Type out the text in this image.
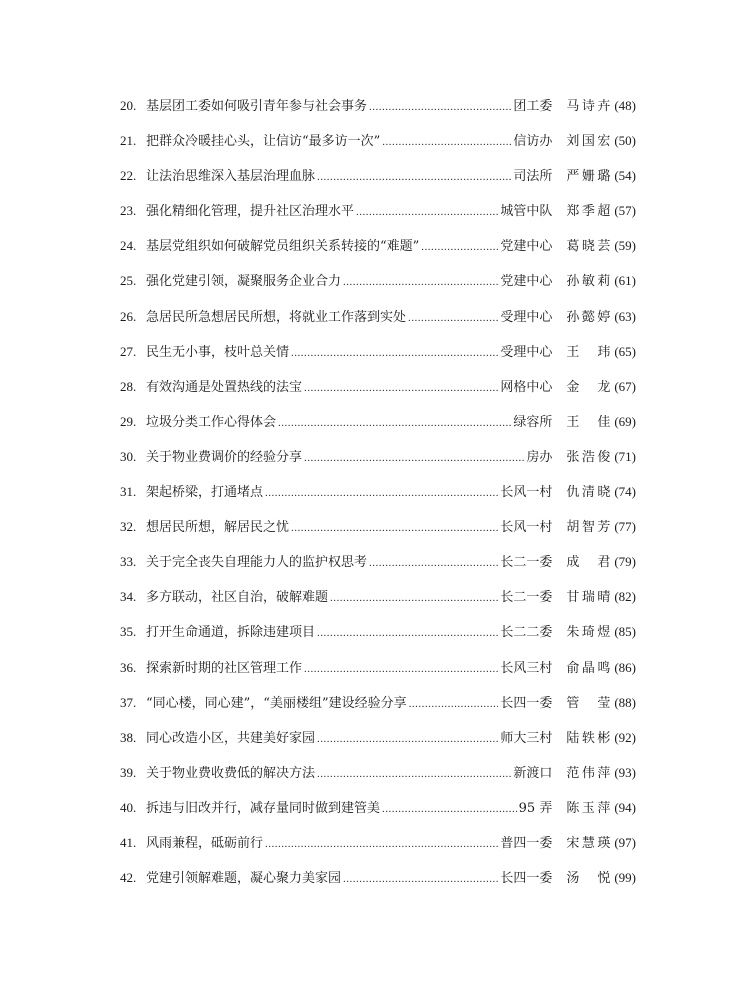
20. 基层团工委如何吸引青年参与社会事务 .....	团工委 马诗卉 (48)
21. 把群众冷暖挂心头，让信访“最多访一次” .....	信访办 刘国宏 (50)
22. 让法治思维深入基层治理血脉 .....	司法所 严姗璐 (54)
23. 强化精细化管理，提升社区治理水平 .....	城管中队 郑季超 (57)
24. 基层党组织如何破解党员组织关系转接的“难题” .....	党建中心 葛晓芸 (59)
25. 强化党建引领，凝聚服务企业合力 .....	党建中心 孙敏莉 (61)
26. 急居民所急想居民所想，将就业工作落到实处 .....	受理中心 孙懿婷 (63)
27. 民生无小事，枝叶总关情 .....	受理中心 王 玮 (65)
28. 有效沟通是处置热线的法宝 .....	网格中心 金 龙 (67)
29. 垃圾分类工作心得体会 .....	绿容所 王 佳 (69)
30. 关于物业费调价的经验分享 .....	房办 张浩俊 (71)
31. 架起桥梁，打通堵点 .....	长风一村 仇清晓 (74)
32. 想居民所想，解居民之忧 .....	长风一村 胡智芳 (77)
33. 关于完全丧失自理能力人的监护权思考 .....	长二一委 成 君 (79)
34. 多方联动，社区自治，破解难题 .....	长二一委 甘瑞晴 (82)
35. 打开生命通道，拆除违建项目 .....	长二二委 朱琦煜 (85)
36. 探索新时期的社区管理工作 .....	长风三村 俞晶鸣 (86)
37. “同心楼，同心建”，“美丽楼组”建设经验分享 .....	长四一委 管 莹 (88)
38. 同心改造小区，共建美好家园 .....	师大三村 陆轶彬 (92)
39. 关于物业费收费低的解决方法 .....	新渡口 范伟萍 (93)
40. 拆违与旧改并行，减存量同时做到建管美 .....	95 弄 陈玉萍 (94)
41. 风雨兼程，砥砺前行 .....	普四一委 宋慧瑛 (97)
42. 党建引领解难题，凝心聚力美家园 .....	长四一委 汤 悦 (99)
